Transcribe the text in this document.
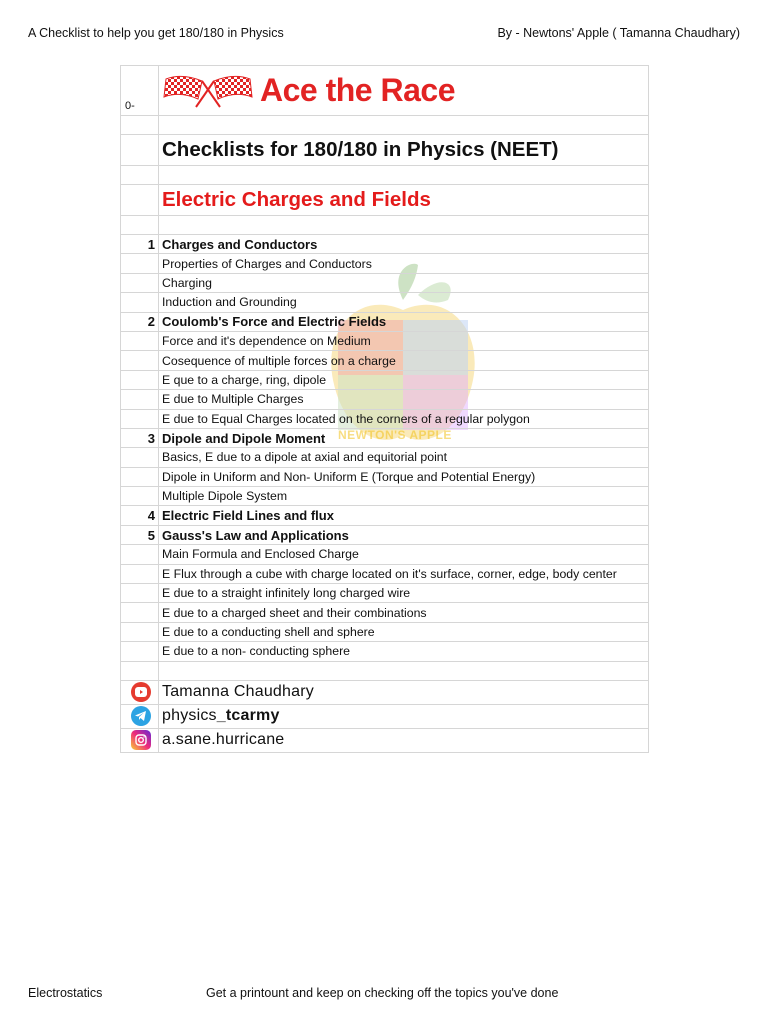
A Checklist to help you get 180/180 in Physics	By - Newtons' Apple ( Tamanna Chaudhary)
NEWTON'S APPLE
0-	Ace the Race
Checklists for 180/180 in Physics (NEET)
Electric Charges and Fields
1 Charges and Conductors
Properties of Charges and Conductors
Charging
Induction and Grounding
2 Coulomb's Force and Electric Fields
Force and it's dependence on Medium
Cosequence of multiple forces on a charge
E que to a charge, ring, dipole
E due to Multiple Charges
E due to Equal Charges located on the corners of a regular polygon
3 Dipole and Dipole Moment
Basics, E due to a dipole at axial and equitorial point
Dipole in Uniform and Non- Uniform E (Torque and Potential Energy)
Multiple Dipole System
4 Electric Field Lines and flux
5 Gauss's Law and Applications
Main Formula and Enclosed Charge
E Flux through a cube with charge located on it's surface, corner, edge, body center
E due to a straight infinitely long charged wire
E due to a charged sheet and their combinations
E due to a conducting shell and sphere
E due to a non- conducting sphere
Tamanna Chaudhary
physics _tcarmy
a.sane.hurricane
Electrostatics	Get a printount and keep on checking off the topics you've done
